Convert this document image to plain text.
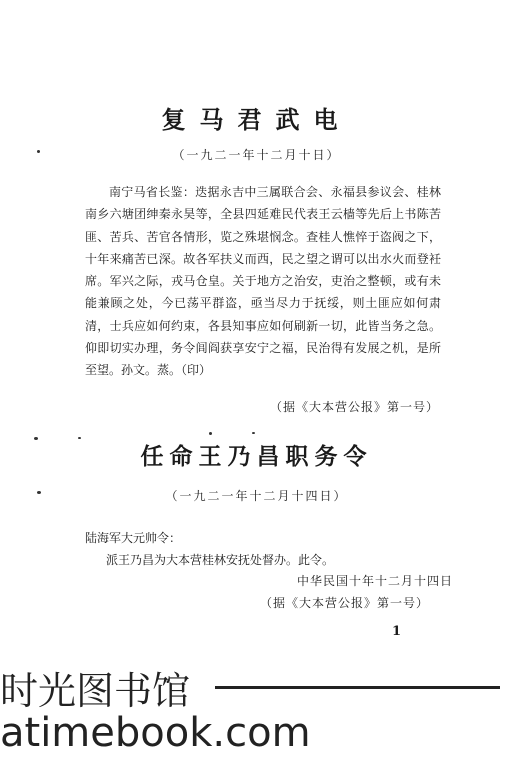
复马君武电
（一九二一年十二月十日）
南宁马省长鉴：迭据永吉中三属联合会、永福县参议会、桂林南乡六塘团绅秦永昊等，全县四延难民代表王云樯等先后上书陈苦匪、苦兵、苦官各情形，览之殊堪悯念。查桂人憔悴于盗阀之下，十年来痛苦已深。故各军扶义而西，民之望之谓可以出水火而登衽席。军兴之际，戎马仓皇。关于地方之治安，吏治之整顿，或有未能兼顾之处，今已荡平群盗，亟当尽力于抚绥，则土匪应如何肃清，士兵应如何约束，各县知事应如何刷新一切，此皆当务之急。仰即切实办理，务令闾阎获享安宁之福，民治得有发展之机，是所至望。孙文。蒸。（印）
（据《大本营公报》第一号）
任命王乃昌职务令
（一九二一年十二月十四日）
陆海军大元帅令：
派王乃昌为大本营桂林安抚处督办。此令。
中华民国十年十二月十四日
（据《大本营公报》第一号）
1
时光图书馆
atimebook.com
